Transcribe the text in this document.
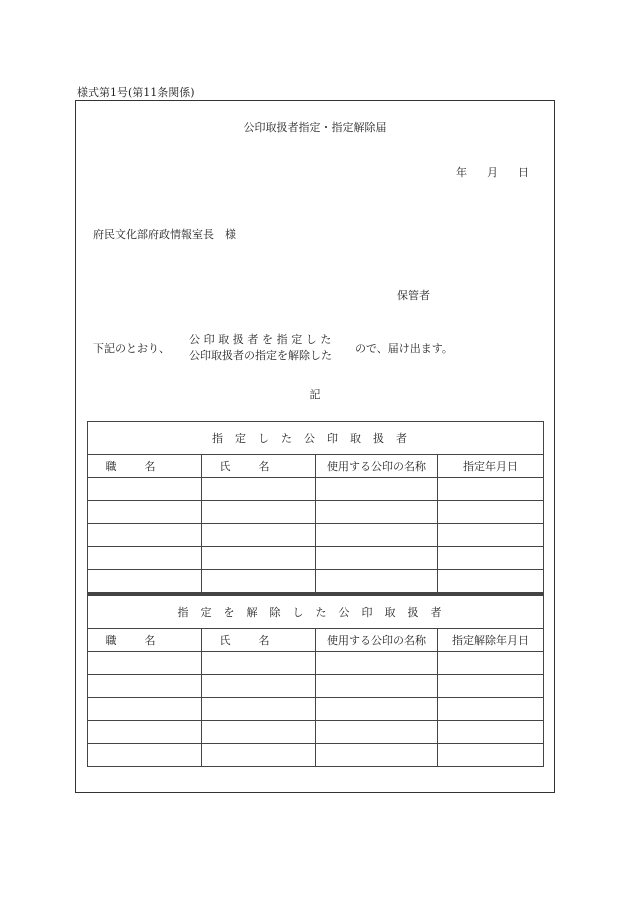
様式第1号(第11条関係)
公印取扱者指定・指定解除届
年 月 日
府民文化部府政情報室長　様
保管者
下記のとおり、
公印取扱者を指定した
公印取扱者の指定を解除した
ので、届け出ます。
記
指定した公印取扱者			
職名	氏名	使用する公印の名称	指定年月日

指定を解除した公印取扱者			
職名	氏名	使用する公印の名称	指定解除年月日
